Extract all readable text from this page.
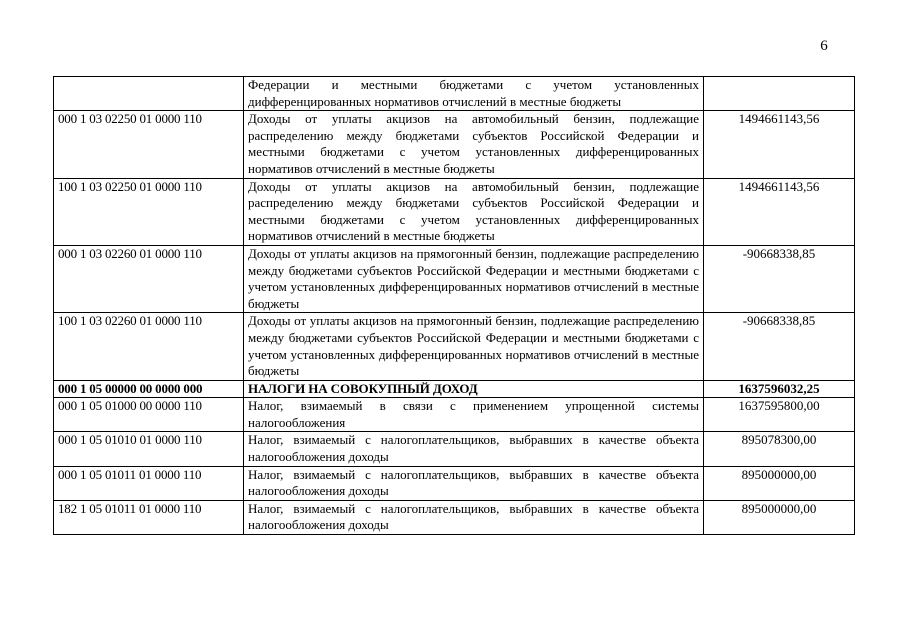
6
	Федерации и местными бюджетами с учетом установленных дифференцированных нормативов отчислений в местные бюджеты	
000 1 03 02250 01 0000 110	Доходы от уплаты акцизов на автомобильный бензин, подлежащие распределению между бюджетами субъектов Российской Федерации и местными бюджетами с учетом установленных дифференцированных нормативов отчислений в местные бюджеты	1494661143,56
100 1 03 02250 01 0000 110	Доходы от уплаты акцизов на автомобильный бензин, подлежащие распределению между бюджетами субъектов Российской Федерации и местными бюджетами с учетом установленных дифференцированных нормативов отчислений в местные бюджеты	1494661143,56
000 1 03 02260 01 0000 110	Доходы от уплаты акцизов на прямогонный бензин, подлежащие распределению между бюджетами субъектов Российской Федерации и местными бюджетами с учетом установленных дифференцированных нормативов отчислений в местные бюджеты	-90668338,85
100 1 03 02260 01 0000 110	Доходы от уплаты акцизов на прямогонный бензин, подлежащие распределению между бюджетами субъектов Российской Федерации и местными бюджетами с учетом установленных дифференцированных нормативов отчислений в местные бюджеты	-90668338,85
000 1 05 00000 00 0000 000	НАЛОГИ НА СОВОКУПНЫЙ ДОХОД	1637596032,25
000 1 05 01000 00 0000 110	Налог, взимаемый в связи с применением упрощенной системы налогообложения	1637595800,00
000 1 05 01010 01 0000 110	Налог, взимаемый с налогоплательщиков, выбравших в качестве объекта налогообложения доходы	895078300,00
000 1 05 01011 01 0000 110	Налог, взимаемый с налогоплательщиков, выбравших в качестве объекта налогообложения доходы	895000000,00
182 1 05 01011 01 0000 110	Налог, взимаемый с налогоплательщиков, выбравших в качестве объекта налогообложения доходы	895000000,00
